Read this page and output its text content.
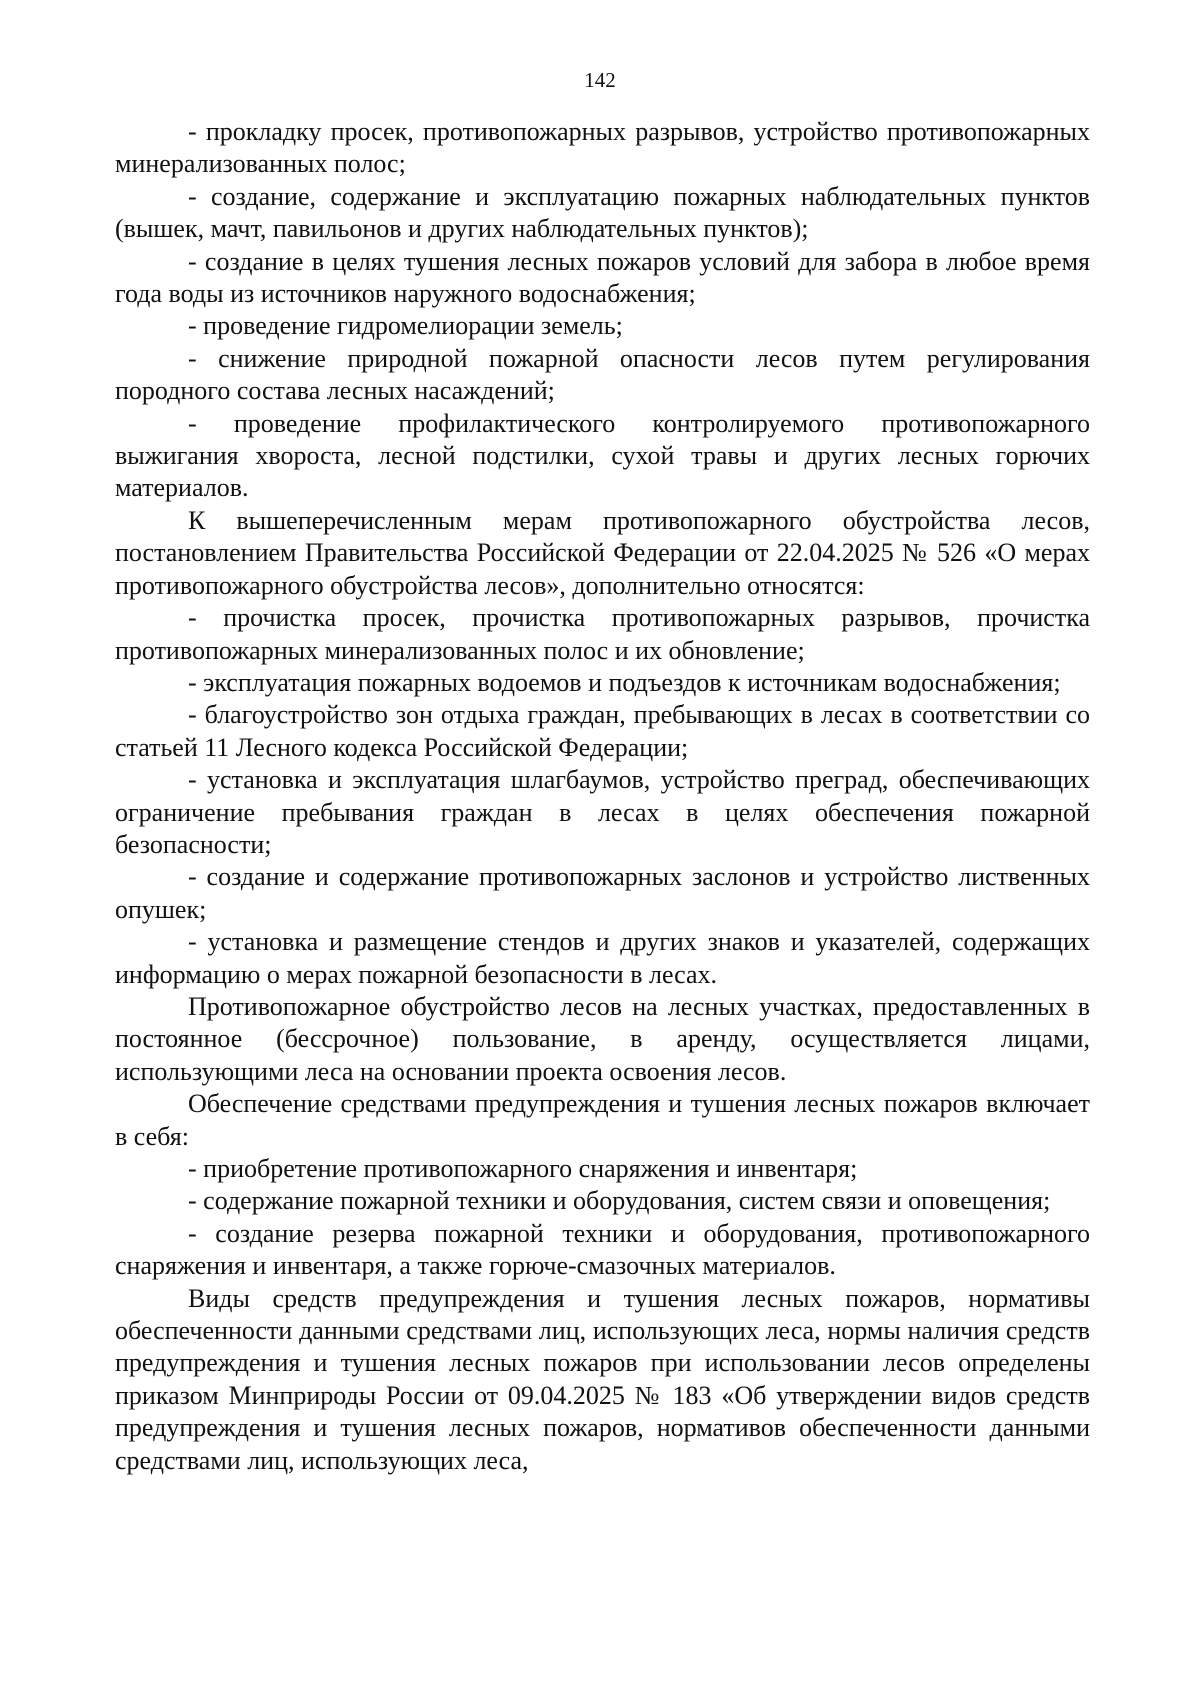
142

- прокладку просек, противопожарных разрывов, устройство противопожарных минерализованных полос;

- создание, содержание и эксплуатацию пожарных наблюдательных пунктов (вышек, мачт, павильонов и других наблюдательных пунктов);

- создание в целях тушения лесных пожаров условий для забора в любое время года воды из источников наружного водоснабжения;

- проведение гидромелиорации земель;

- снижение природной пожарной опасности лесов путем регулирования породного состава лесных насаждений;

- проведение профилактического контролируемого противопожарного выжигания хвороста, лесной подстилки, сухой травы и других лесных горючих материалов.

К вышеперечисленным мерам противопожарного обустройства лесов, постановлением Правительства Российской Федерации от 22.04.2025 № 526 «О мерах противопожарного обустройства лесов», дополнительно относятся:

- прочистка просек, прочистка противопожарных разрывов, прочистка противопожарных минерализованных полос и их обновление;

- эксплуатация пожарных водоемов и подъездов к источникам водоснабжения;

- благоустройство зон отдыха граждан, пребывающих в лесах в соответствии со статьей 11 Лесного кодекса Российской Федерации;

- установка и эксплуатация шлагбаумов, устройство преград, обеспечивающих ограничение пребывания граждан в лесах в целях обеспечения пожарной безопасности;

- создание и содержание противопожарных заслонов и устройство лиственных опушек;

- установка и размещение стендов и других знаков и указателей, содержащих информацию о мерах пожарной безопасности в лесах.

Противопожарное обустройство лесов на лесных участках, предоставленных в постоянное (бессрочное) пользование, в аренду, осуществляется лицами, использующими леса на основании проекта освоения лесов.

Обеспечение средствами предупреждения и тушения лесных пожаров включает в себя:

- приобретение противопожарного снаряжения и инвентаря;

- содержание пожарной техники и оборудования, систем связи и оповещения;

- создание резерва пожарной техники и оборудования, противопожарного снаряжения и инвентаря, а также горюче-смазочных материалов.

Виды средств предупреждения и тушения лесных пожаров, нормативы обеспеченности данными средствами лиц, использующих леса, нормы наличия средств предупреждения и тушения лесных пожаров при использовании лесов определены приказом Минприроды России от 09.04.2025 № 183 «Об утверждении видов средств предупреждения и тушения лесных пожаров, нормативов обеспеченности данными средствами лиц, использующих леса,
